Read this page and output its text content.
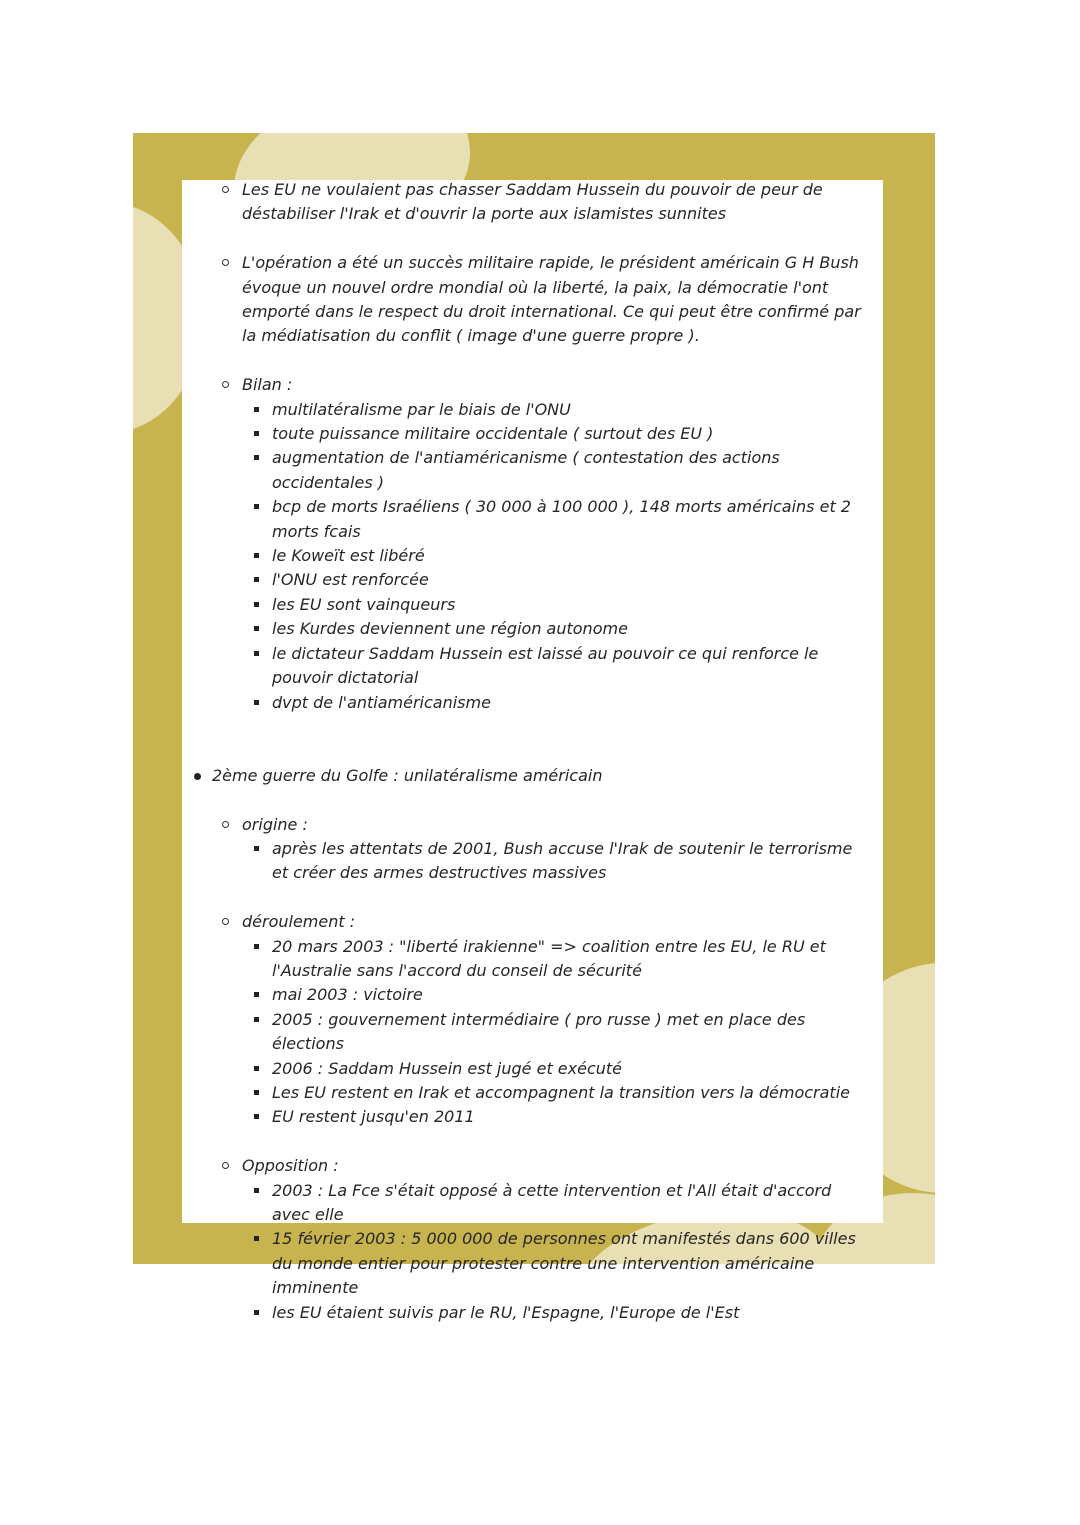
Les EU ne voulaient pas chasser Saddam Hussein du pouvoir de peur de déstabiliser l'Irak et d'ouvrir la porte aux islamistes sunnites
L'opération a été un succès militaire rapide, le président américain G H Bush évoque un nouvel ordre mondial où la liberté, la paix, la démocratie l'ont emporté dans le respect du droit international. Ce qui peut être confirmé par la médiatisation du conflit ( image d'une guerre propre ).
Bilan :
multilatéralisme par le biais de l'ONU
toute puissance militaire occidentale ( surtout des EU )
augmentation de l'antiaméricanisme ( contestation des actions occidentales )
bcp de morts Israéliens ( 30 000 à 100 000 ), 148 morts américains et 2 morts fcais
le Koweït est libéré
l'ONU est renforcée
les EU sont vainqueurs
les Kurdes deviennent une région autonome
le dictateur Saddam Hussein est laissé au pouvoir ce qui renforce le pouvoir dictatorial
dvpt de l'antiaméricanisme
2ème guerre du Golfe : unilatéralisme américain
origine :
après les attentats de 2001, Bush accuse l'Irak de soutenir le terrorisme et créer des armes destructives massives
déroulement :
20 mars 2003 : "liberté irakienne" => coalition entre les EU, le RU et l'Australie sans l'accord du conseil de sécurité
mai 2003 : victoire
2005 : gouvernement intermédiaire ( pro russe ) met en place des élections
2006 : Saddam Hussein est jugé et exécuté
Les EU restent en Irak et accompagnent la transition vers la démocratie
EU restent jusqu'en 2011
Opposition :
2003 : La Fce s'était opposé à cette intervention et l'All était d'accord avec elle
15 février 2003 : 5 000 000 de personnes ont manifestés dans 600 villes du monde entier pour protester contre une intervention américaine imminente
les EU étaient suivis par le RU, l'Espagne, l'Europe de l'Est
